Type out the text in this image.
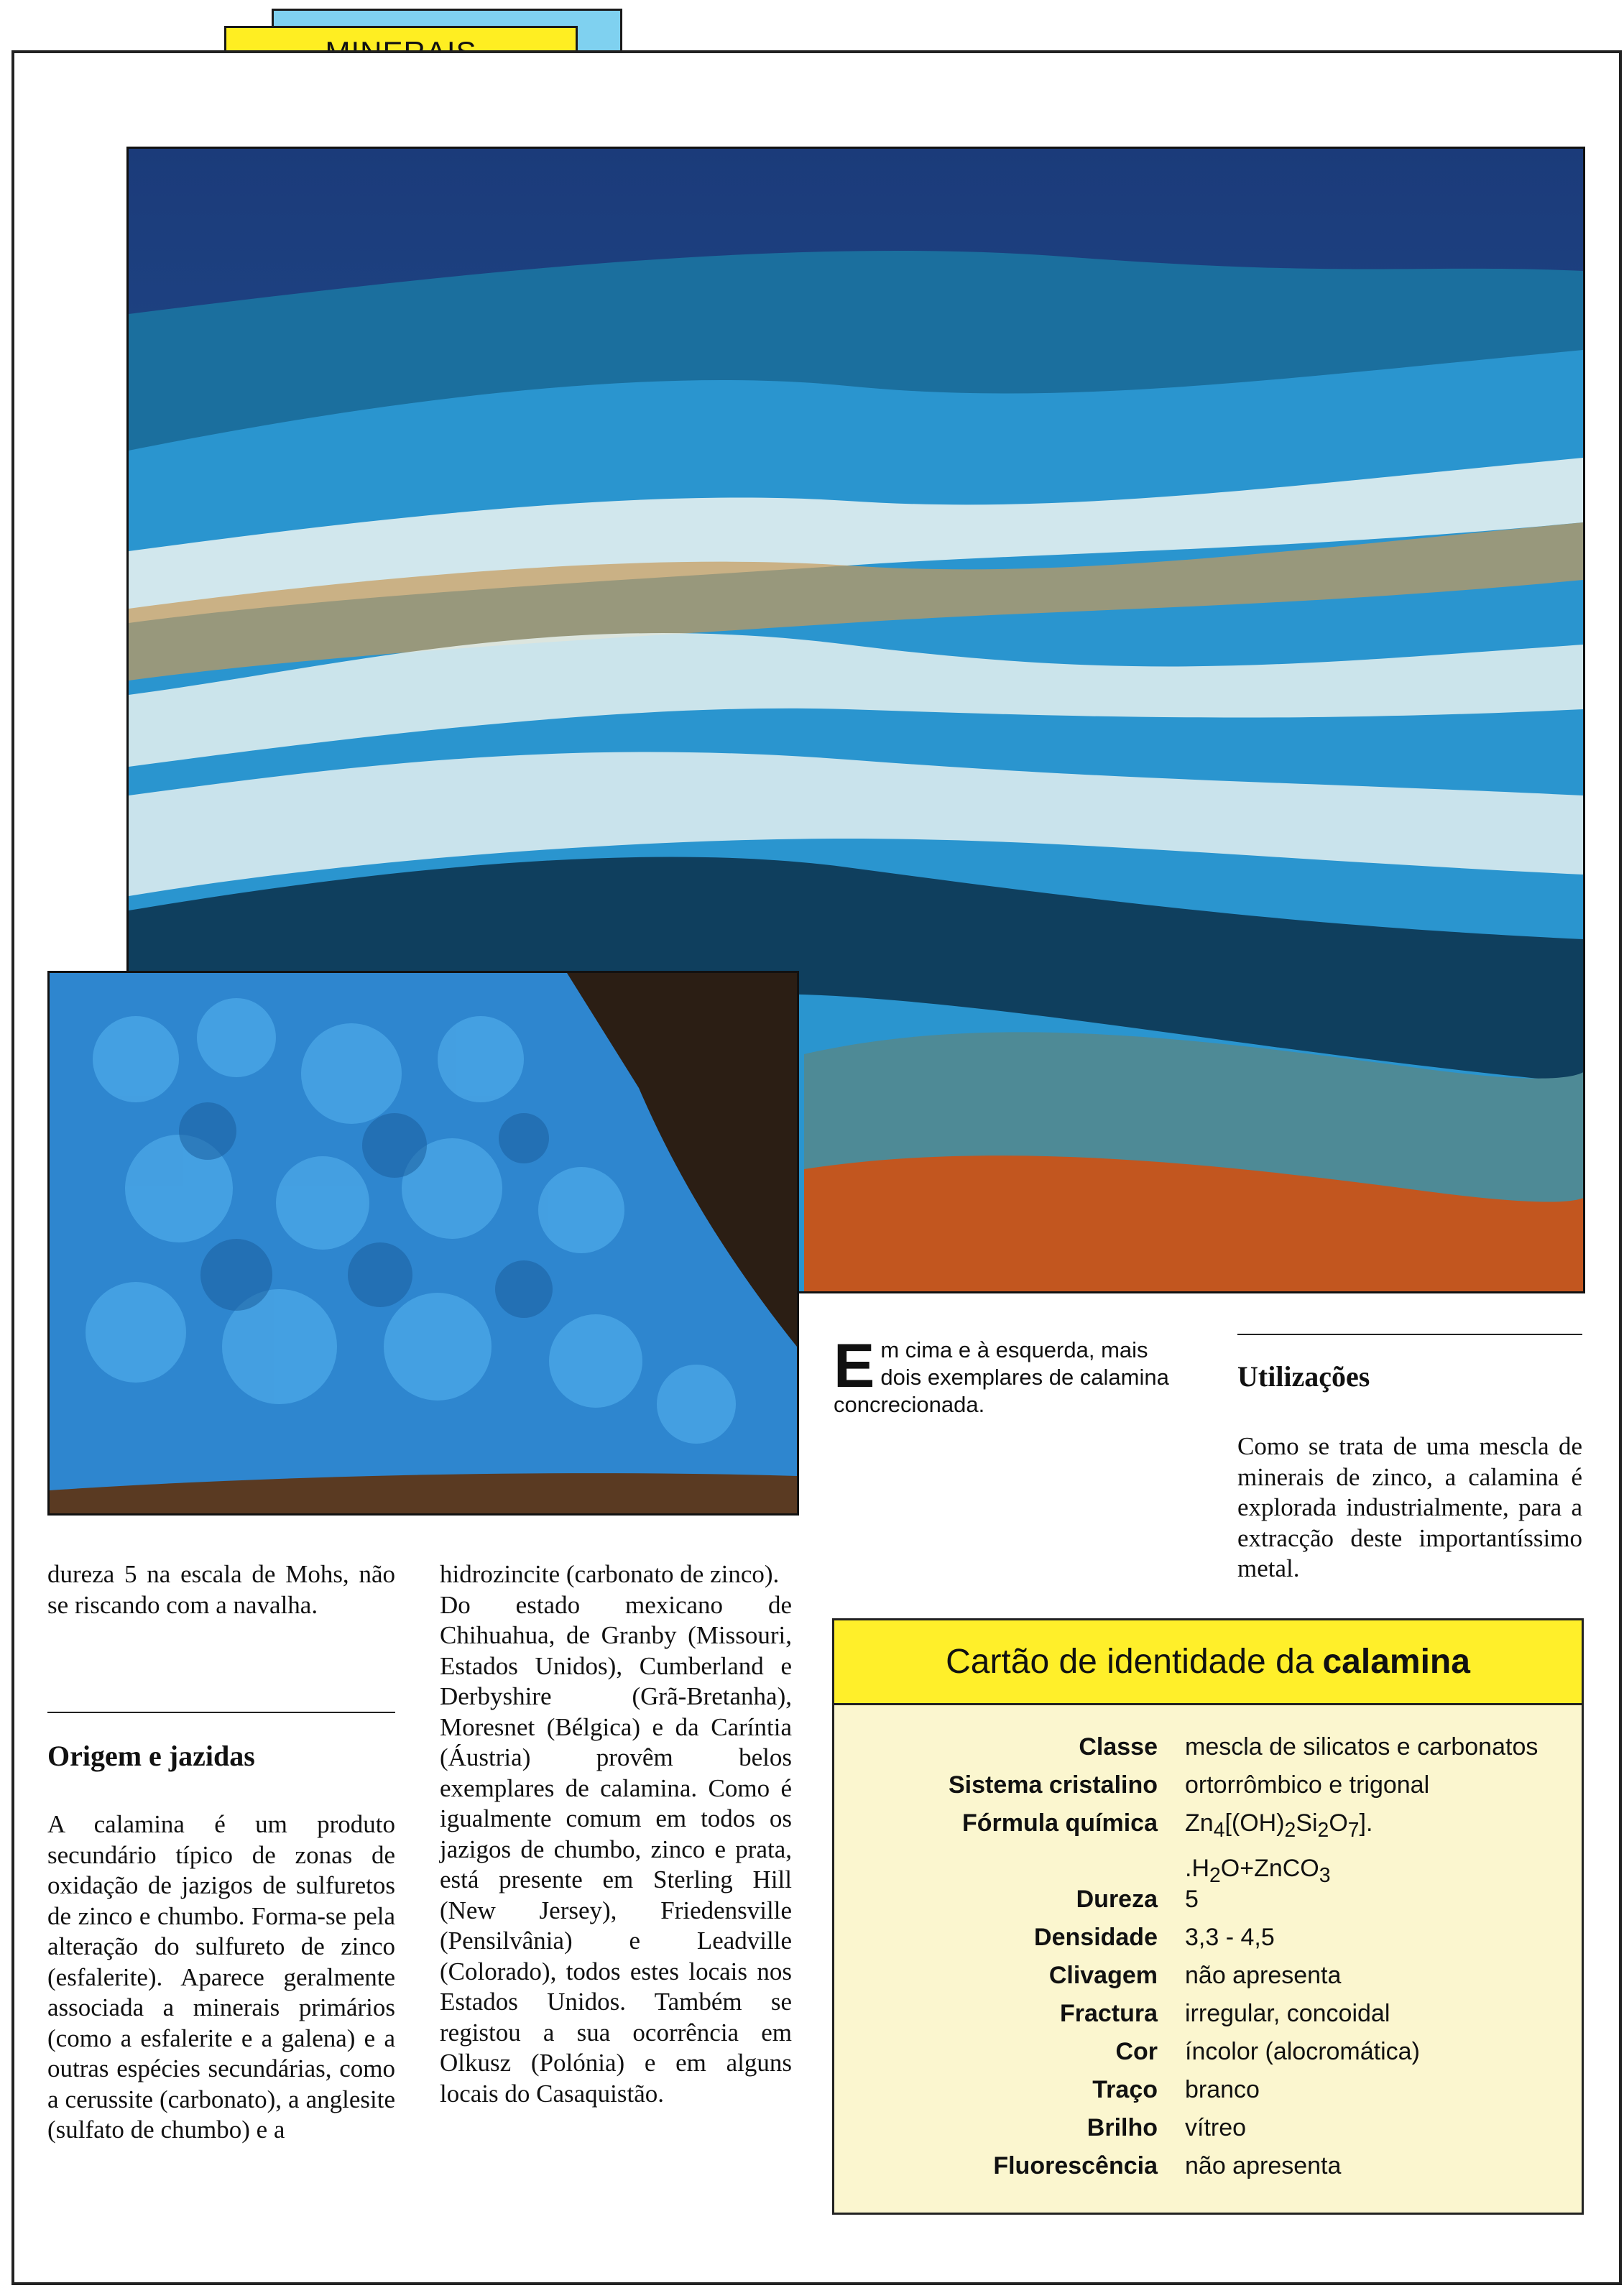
E m cima e à esquerda, mais dois exemplares de calamina concrecionada.
dureza 5 na escala de Mohs, não se riscando com a navalha.
Origem e jazidas
A calamina é um produto secundário típico de zonas de oxidação de jazigos de sulfuretos de zinco e chumbo. Forma-se pela alteração do sulfureto de zinco (esfalerite). Aparece geralmente associada a minerais primários (como a esfalerite e a galena) e a outras espécies secundárias, como a cerussite (carbonato), a anglesite (sulfato de chumbo) e a

hidrozincite (carbonato de zinco).

Do estado mexicano de Chihuahua, de Granby (Missouri, Estados Unidos), Cumberland e Derbyshire (Grã-Bretanha), Moresnet (Bélgica) e da Caríntia (Áustria) provêm belos exemplares de calamina. Como é igualmente comum em todos os jazigos de chumbo, zinco e prata, está presente em Sterling Hill (New Jersey), Friedensville (Pensilvânia) e Leadville (Colorado), todos estes locais nos Estados Unidos. Também se registou a sua ocorrência em Olkusz (Polónia) e em alguns locais do Casaquistão.

Utilizações
Como se trata de uma mescla de minerais de zinco, a calamina é explorada industrialmente, para a extracção deste importantíssimo metal.
Cartão de identidade da calamina
Classe mescla de silicatos e carbonatos
Sistema cristalino ortorrômbico e trigonal
Fórmula química $Zn_4[(OH)_2Si_2O_7]$.
$.H_2O+ZnCO_3$
Dureza 5
Densidade 3,3 - 4,5
Clivagem não apresenta
Fractura irregular, concoidal
Cor íncolor (alocromática)
Traço branco
Brilho vítreo
Fluorescência não apresenta
